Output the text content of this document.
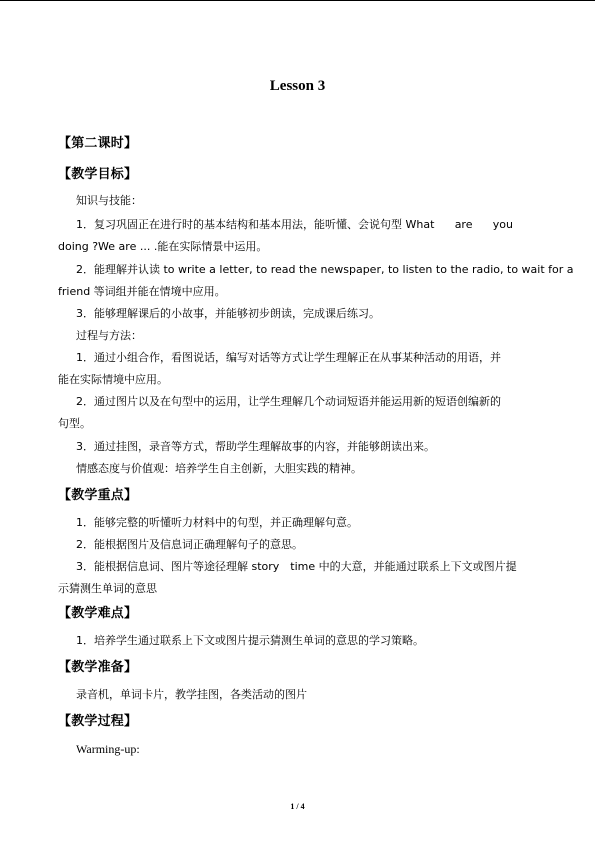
Lesson 3
【第二课时】
【教学目标】
知识与技能：
1．复习巩固正在进行时的基本结构和基本用法，能听懂、会说句型 What are you
doing ?We are ... .能在实际情景中运用。
2．能理解并认读 to write a letter, to read the newspaper, to listen to the radio, to wait for a
friend 等词组并能在情境中应用。
3．能够理解课后的小故事，并能够初步朗读，完成课后练习。
过程与方法：
1．通过小组合作，看图说话，编写对话等方式让学生理解正在从事某种活动的用语，并
能在实际情境中应用。
2．通过图片以及在句型中的运用，让学生理解几个动词短语并能运用新的短语创编新的
句型。
3．通过挂图，录音等方式，帮助学生理解故事的内容，并能够朗读出来。
情感态度与价值观：培养学生自主创新，大胆实践的精神。
【教学重点】
1．能够完整的听懂听力材料中的句型，并正确理解句意。
2．能根据图片及信息词正确理解句子的意思。
3．能根据信息词、图片等途径理解 story　time 中的大意，并能通过联系上下文或图片提
示猜测生单词的意思
【教学难点】
1．培养学生通过联系上下文或图片提示猜测生单词的意思的学习策略。
【教学准备】
录音机，单词卡片，教学挂图，各类活动的图片
【教学过程】
Warming-up:
1 / 4
